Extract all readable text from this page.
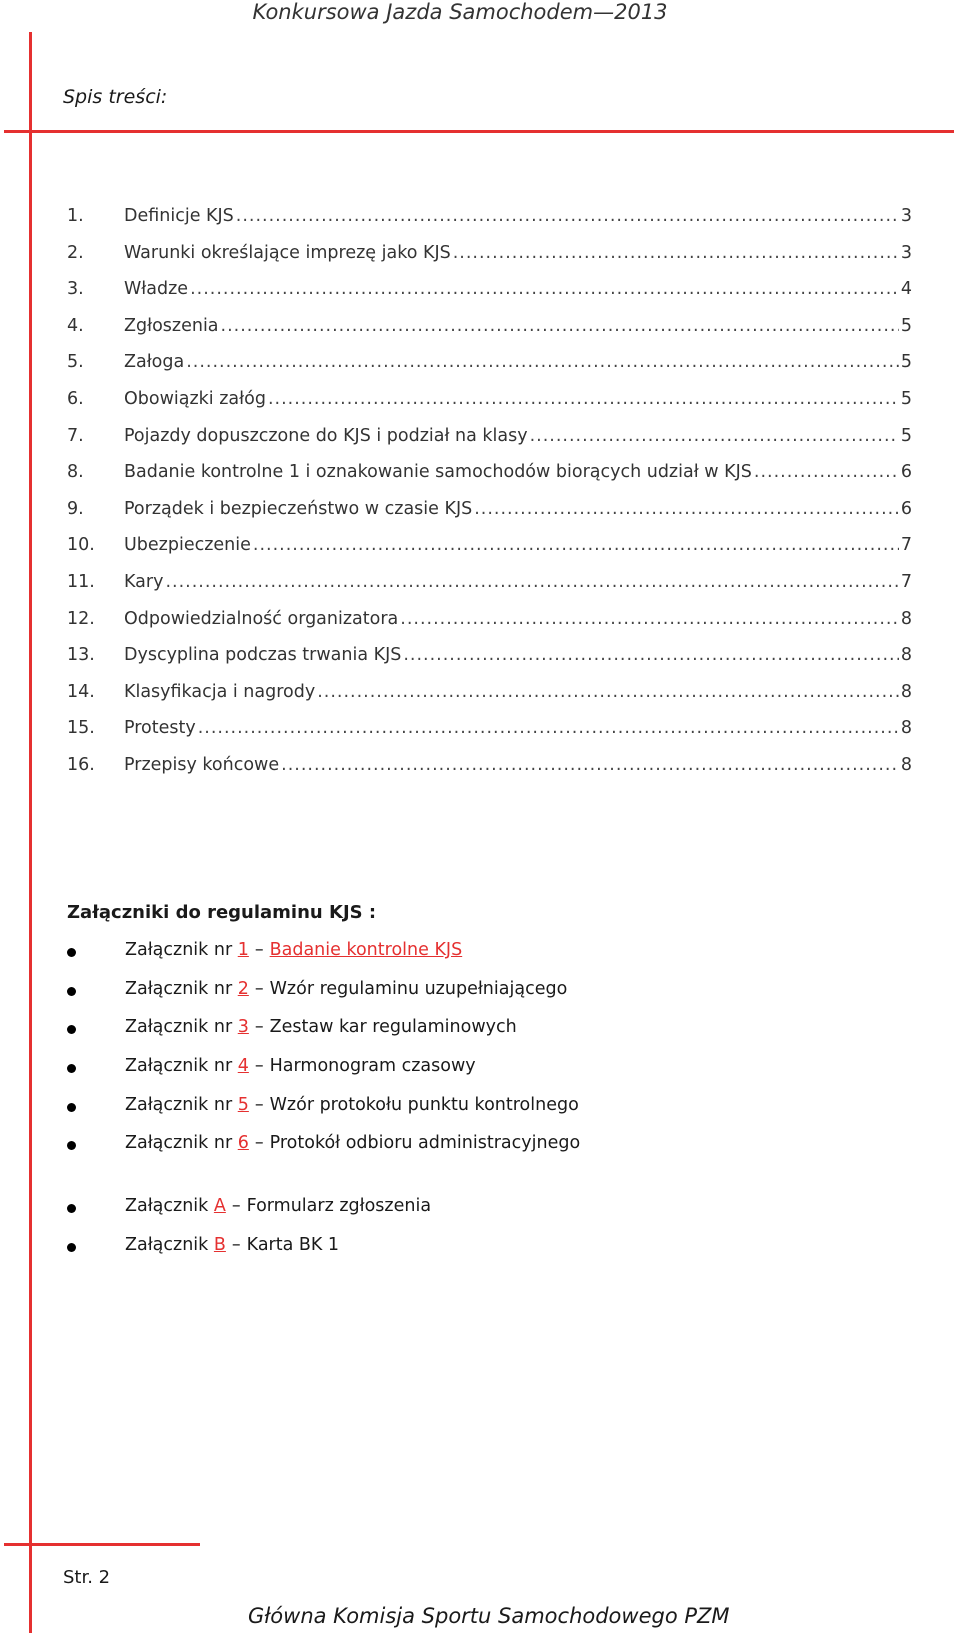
Konkursowa Jazda Samochodem—2013
Spis treści:
1.	Definicje KJS .....	3
2.	Warunki określające imprezę jako KJS .....	3
3.	Władze .....	4
4.	Zgłoszenia .....	5
5.	Załoga .....	5
6.	Obowiązki załóg .....	5
7.	Pojazdy dopuszczone do KJS i podział na klasy .....	5
8.	Badanie kontrolne 1 i oznakowanie samochodów biorących udział w KJS .....	6
9.	Porządek i bezpieczeństwo w czasie KJS .....	6
10.	Ubezpieczenie .....	7
11.	Kary .....	7
12.	Odpowiedzialność organizatora .....	8
13.	Dyscyplina podczas trwania KJS .....	8
14.	Klasyfikacja i nagrody .....	8
15.	Protesty .....	8
16.	Przepisy końcowe .....	8
Załączniki do regulaminu KJS :
Załącznik nr 1 – Badanie kontrolne KJS
Załącznik nr 2 – Wzór regulaminu uzupełniającego
Załącznik nr 3 – Zestaw kar regulaminowych
Załącznik nr 4 – Harmonogram czasowy
Załącznik nr 5 – Wzór protokołu punktu kontrolnego
Załącznik nr 6 – Protokół odbioru administracyjnego
Załącznik A – Formularz zgłoszenia
Załącznik B – Karta BK 1
Str. 2
Główna Komisja Sportu Samochodowego PZM
